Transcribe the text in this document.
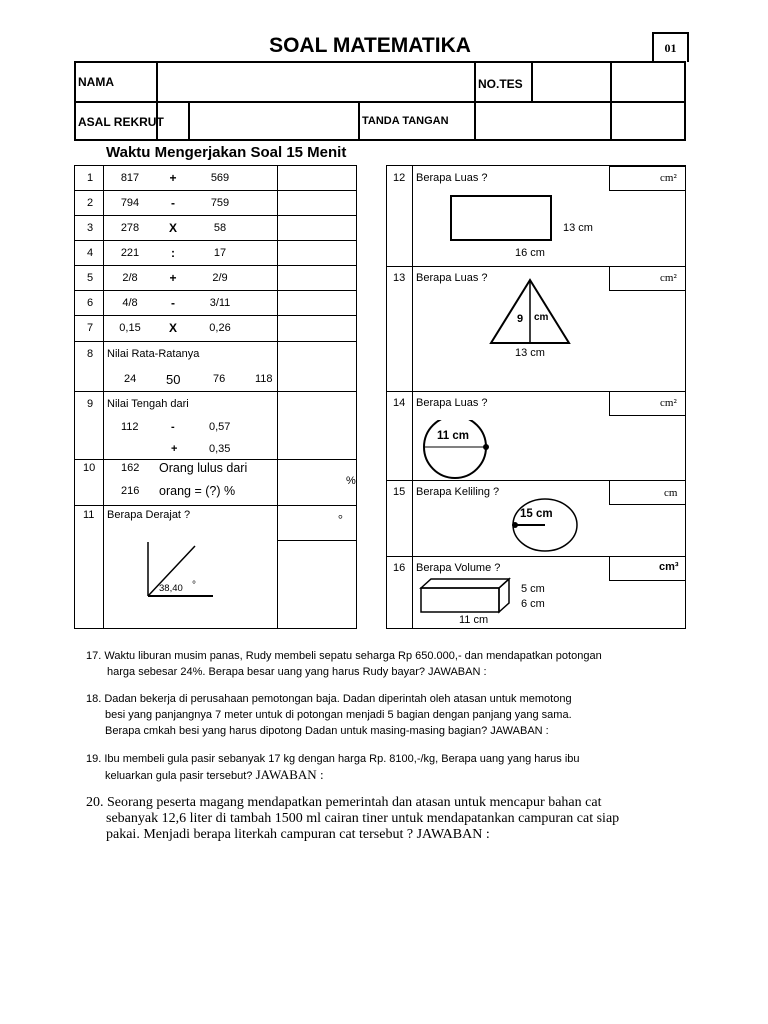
SOAL MATEMATIKA	01
NAMA	NO.TES
ASAL REKRUT	TANDA TANGAN
Waktu Mengerjakan Soal 15 Menit
1	817	+	569
2	794	-	759
3	278	X	58
4	221	:	17
5	2/8	+	2/9
6	4/8	-	3/11
7	0,15	X	0,26
8 Nilai Rata-Ratanya
24 50	76	118
9 Nilai Tengah dari
112	-	0,57
+	0,35
10 162 Orang lulus dari
216 orang = (?) %
%
11 Berapa Derajat ?	°
38,40 °
12 Berapa Luas ?	cm²
13 cm
16 cm
13 Berapa Luas ?	cm²
9 cm
13 cm
14 Berapa Luas ?	cm²
11 cm
15 Berapa Keliling ?	cm
15 cm
16 Berapa Volume ?	cm³
5 cm
6 cm
11 cm
17. Waktu liburan musim panas, Rudy membeli sepatu seharga Rp 650.000,- dan mendapatkan potongan
harga sebesar 24%. Berapa besar uang yang harus Rudy bayar? JAWABAN :
18. Dadan bekerja di perusahaan pemotongan baja. Dadan diperintah oleh atasan untuk memotong
besi yang panjangnya 7 meter untuk di potongan menjadi 5 bagian dengan panjang yang sama.
Berapa cmkah besi yang harus dipotong Dadan untuk masing-masing bagian? JAWABAN :
19. Ibu membeli gula pasir sebanyak 17 kg dengan harga Rp. 8100,-/kg, Berapa uang yang harus ibu
keluarkan gula pasir tersebut? JAWABAN :
20. Seorang peserta magang mendapatkan pemerintah dan atasan untuk mencapur bahan cat
sebanyak 12,6 liter di tambah 1500 ml cairan tiner untuk mendapatankan campuran cat siap
pakai. Menjadi berapa literkah campuran cat tersebut ? JAWABAN :
